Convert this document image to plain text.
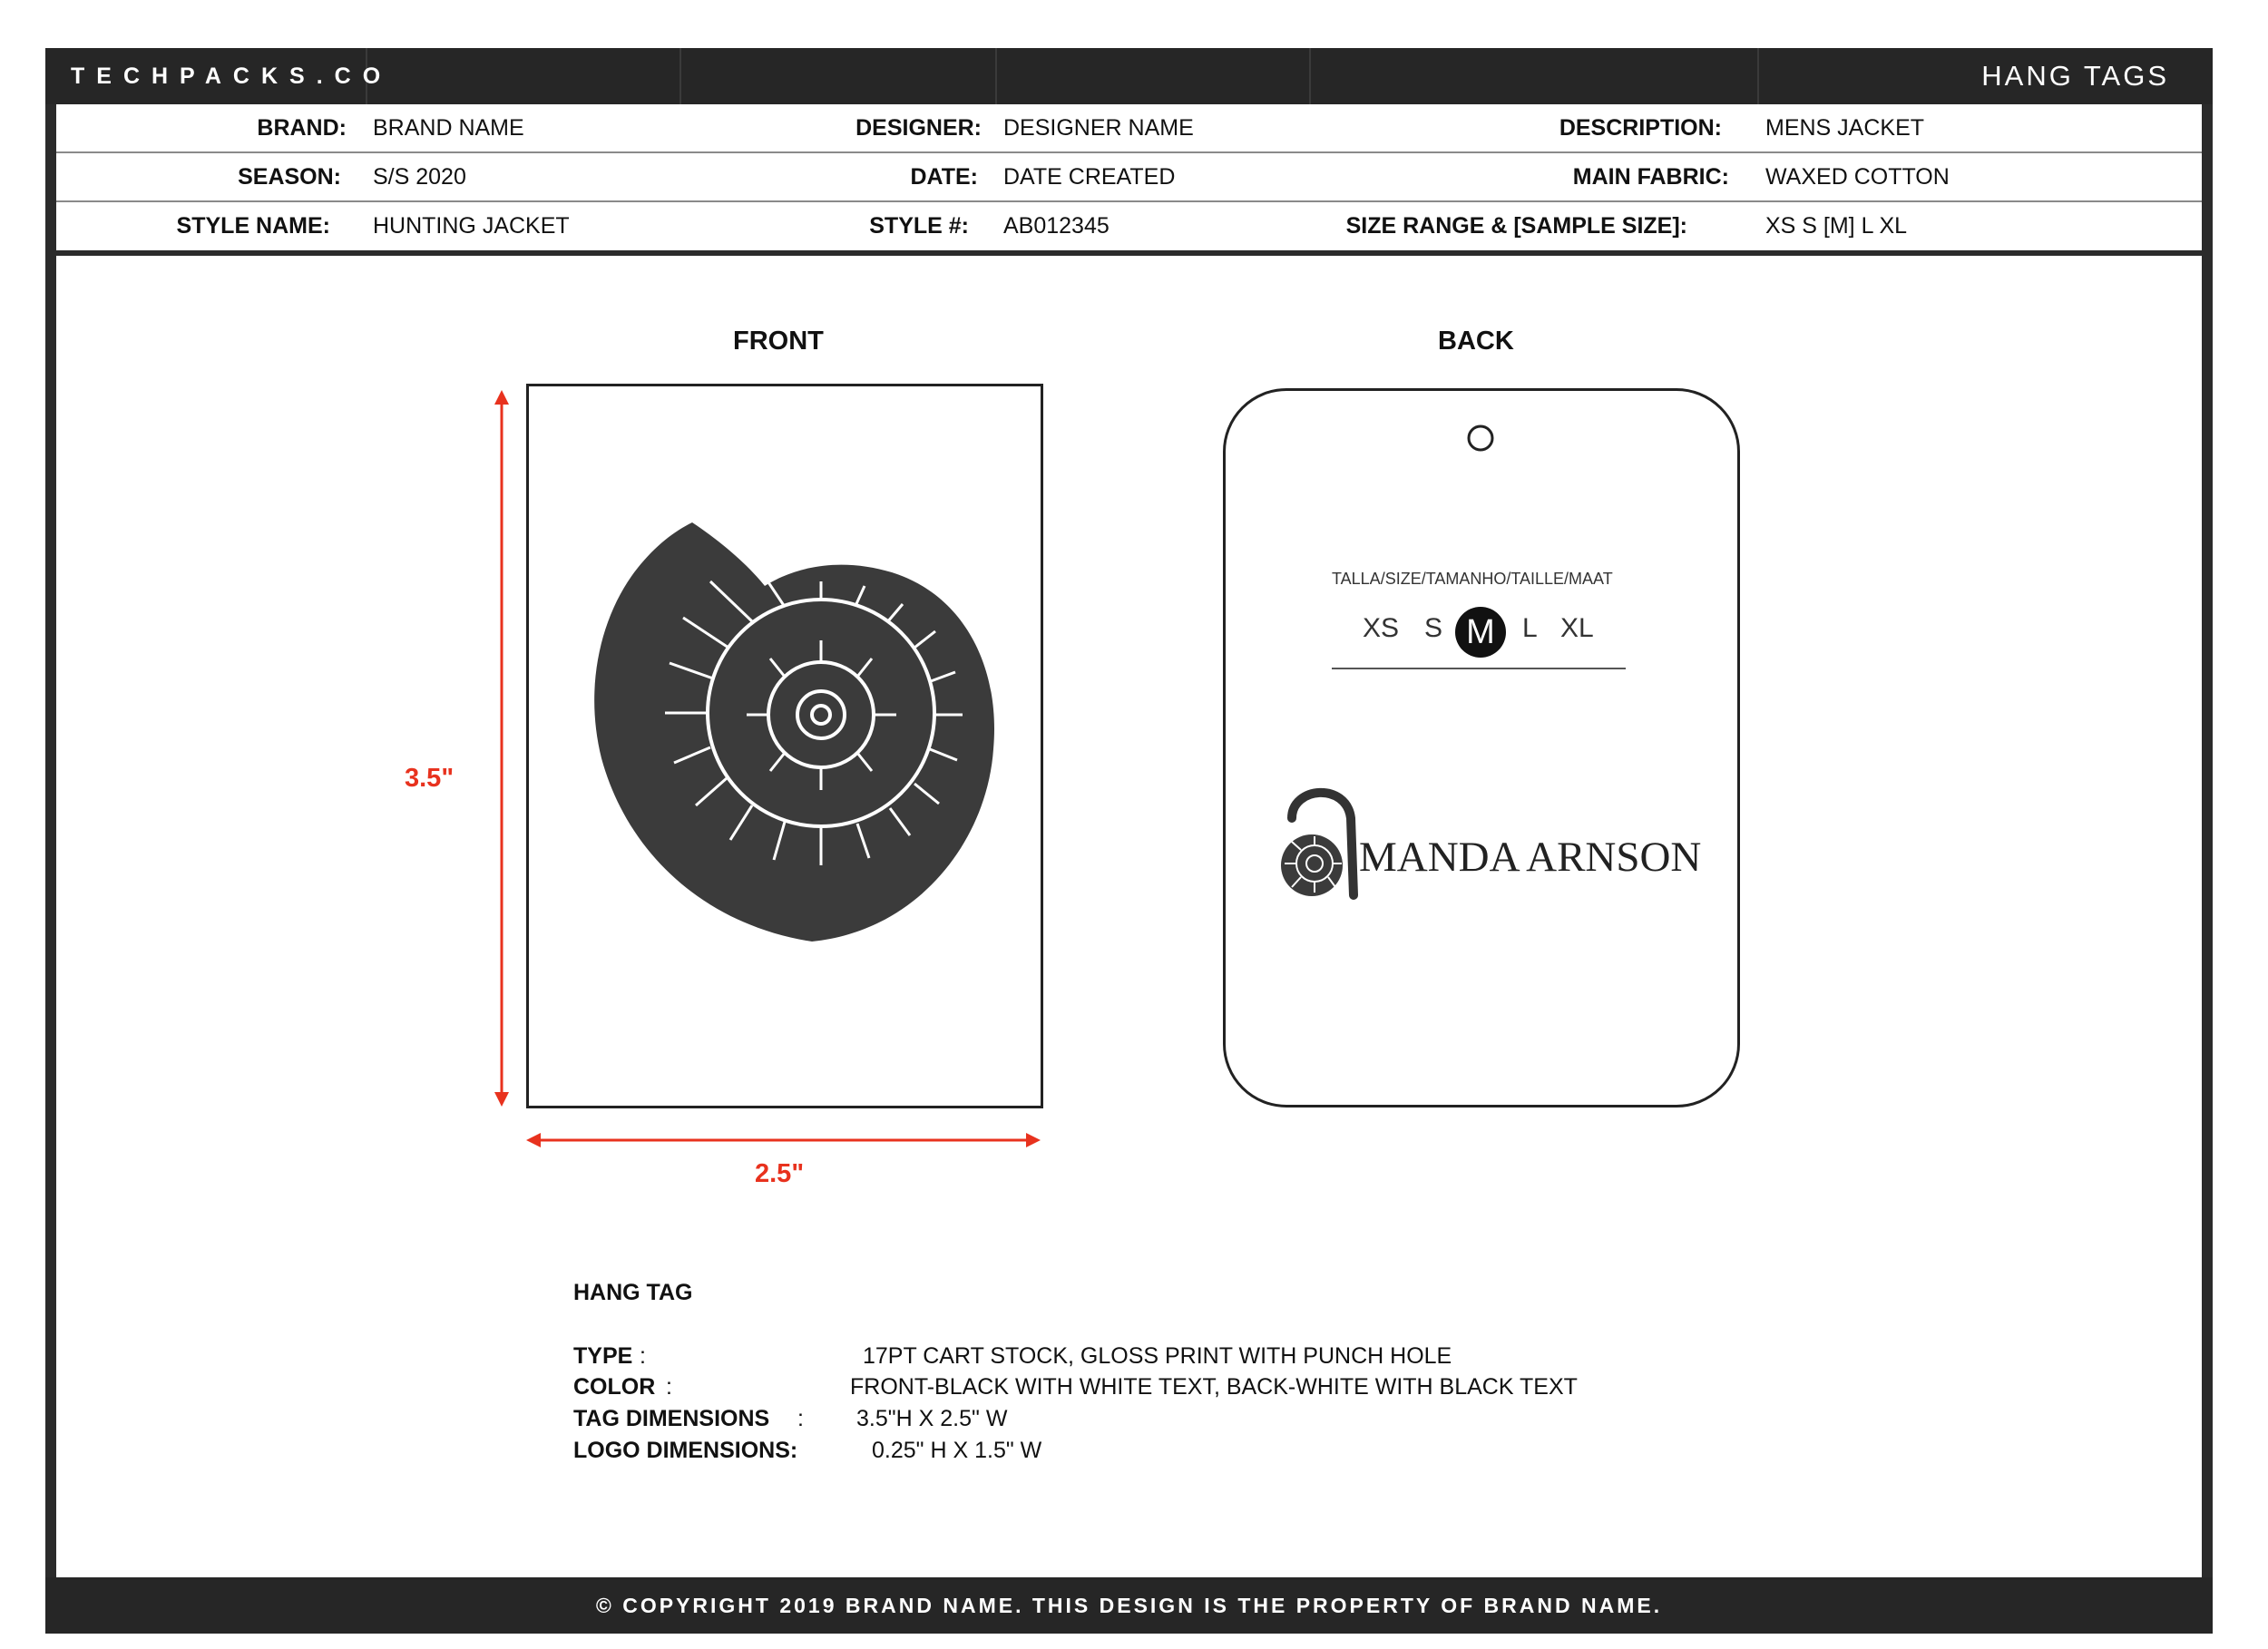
TECHPACKS.CO	HANG TAGS
BRAND: BRAND NAME	DESIGNER: DESIGNER NAME	DESCRIPTION: MENS JACKET
SEASON: S/S 2020	DATE: DATE CREATED	MAIN FABRIC: WAXED COTTON
STYLE NAME: HUNTING JACKET	STYLE #: AB012345	SIZE RANGE & [SAMPLE SIZE]:	XS S [M] L XL
FRONT
3.5"
2.5"
BACK
TALLA/SIZE/TAMANHO/TAILLE/MAAT
XS S M	L XL
MANDA ARNSON
HANG TAG
TYPE :	17PT CART STOCK, GLOSS PRINT WITH PUNCH HOLE
COLOR :	FRONT-BLACK WITH WHITE TEXT, BACK-WHITE WITH BLACK TEXT
TAG DIMENSIONS : 3.5"H X 2.5" W
LOGO DIMENSIONS:	0.25" H X 1.5" W
© COPYRIGHT 2019 BRAND NAME. THIS DESIGN IS THE PROPERTY OF BRAND NAME.
